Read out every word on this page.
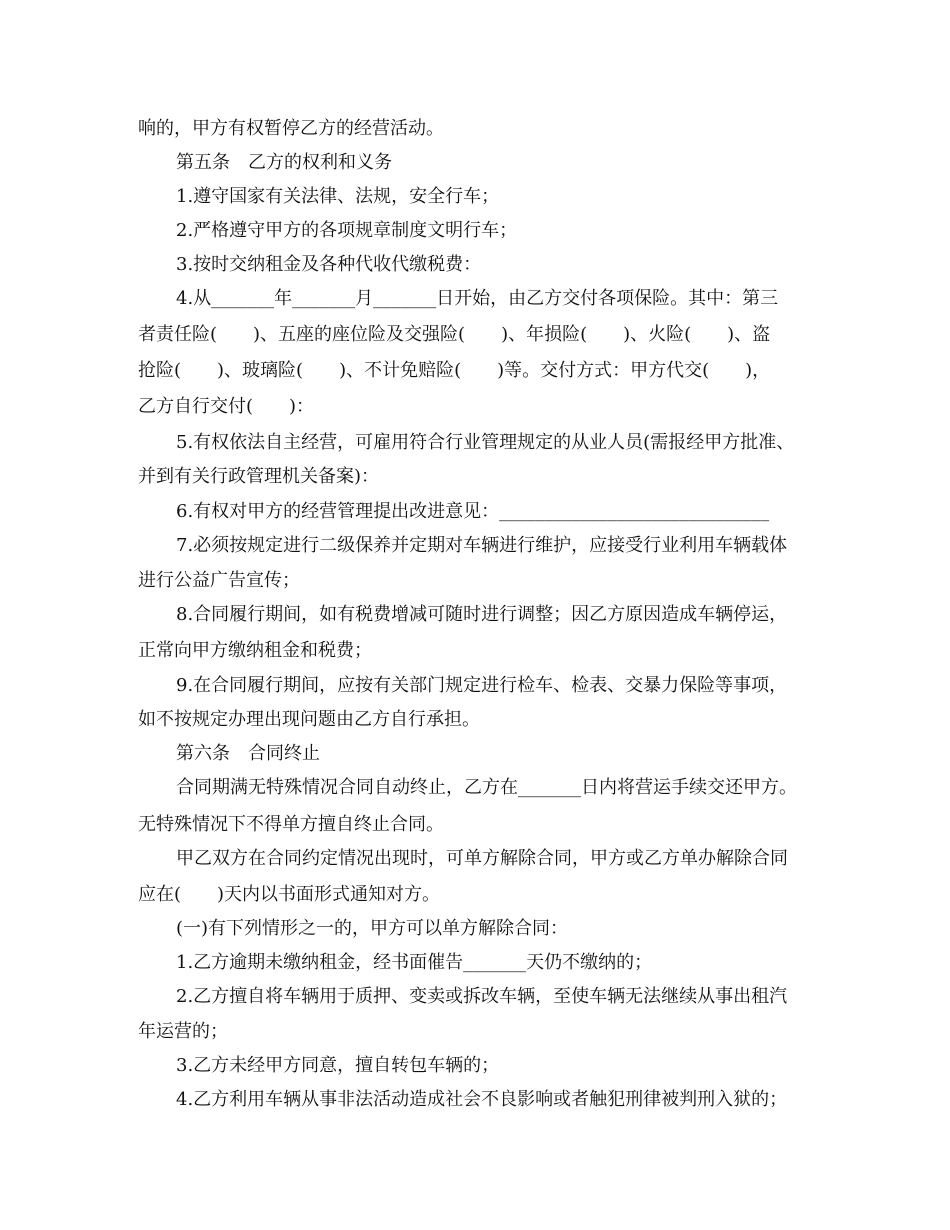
响的，甲方有权暂停乙方的经营活动。
第五条　乙方的权利和义务
1.遵守国家有关法律、法规，安全行车；
2.严格遵守甲方的各项规章制度文明行车；
3.按时交纳租金及各种代收代缴税费：
4.从_______年_______月_______日开始，由乙方交付各项保险。其中：第三
者责任险(　　)、五座的座位险及交强险(　　)、年损险(　　)、火险(　　)、盗
抢险(　　)、玻璃险(　　)、不计免赔险(　　)等。交付方式：甲方代交(　　)，
乙方自行交付(　　)：
5.有权依法自主经营，可雇用符合行业管理规定的从业人员(需报经甲方批准、
并到有关行政管理机关备案)：
6.有权对甲方的经营管理提出改进意见：______________________________
7.必须按规定进行二级保养并定期对车辆进行维护，应接受行业利用车辆载体
进行公益广告宣传；
8.合同履行期间，如有税费增减可随时进行调整；因乙方原因造成车辆停运，
正常向甲方缴纳租金和税费；
9.在合同履行期间，应按有关部门规定进行检车、检表、交暴力保险等事项，
如不按规定办理出现问题由乙方自行承担。
第六条　合同终止
合同期满无特殊情况合同自动终止，乙方在_______日内将营运手续交还甲方。
无特殊情况下不得单方擅自终止合同。
甲乙双方在合同约定情况出现时，可单方解除合同，甲方或乙方单办解除合同
应在(　　)天内以书面形式通知对方。
(一)有下列情形之一的，甲方可以单方解除合同：
1.乙方逾期未缴纳租金，经书面催告_______天仍不缴纳的；
2.乙方擅自将车辆用于质押、变卖或拆改车辆，至使车辆无法继续从事出租汽
年运营的；
3.乙方未经甲方同意，擅自转包车辆的；
4.乙方利用车辆从事非法活动造成社会不良影响或者触犯刑律被判刑入狱的；
